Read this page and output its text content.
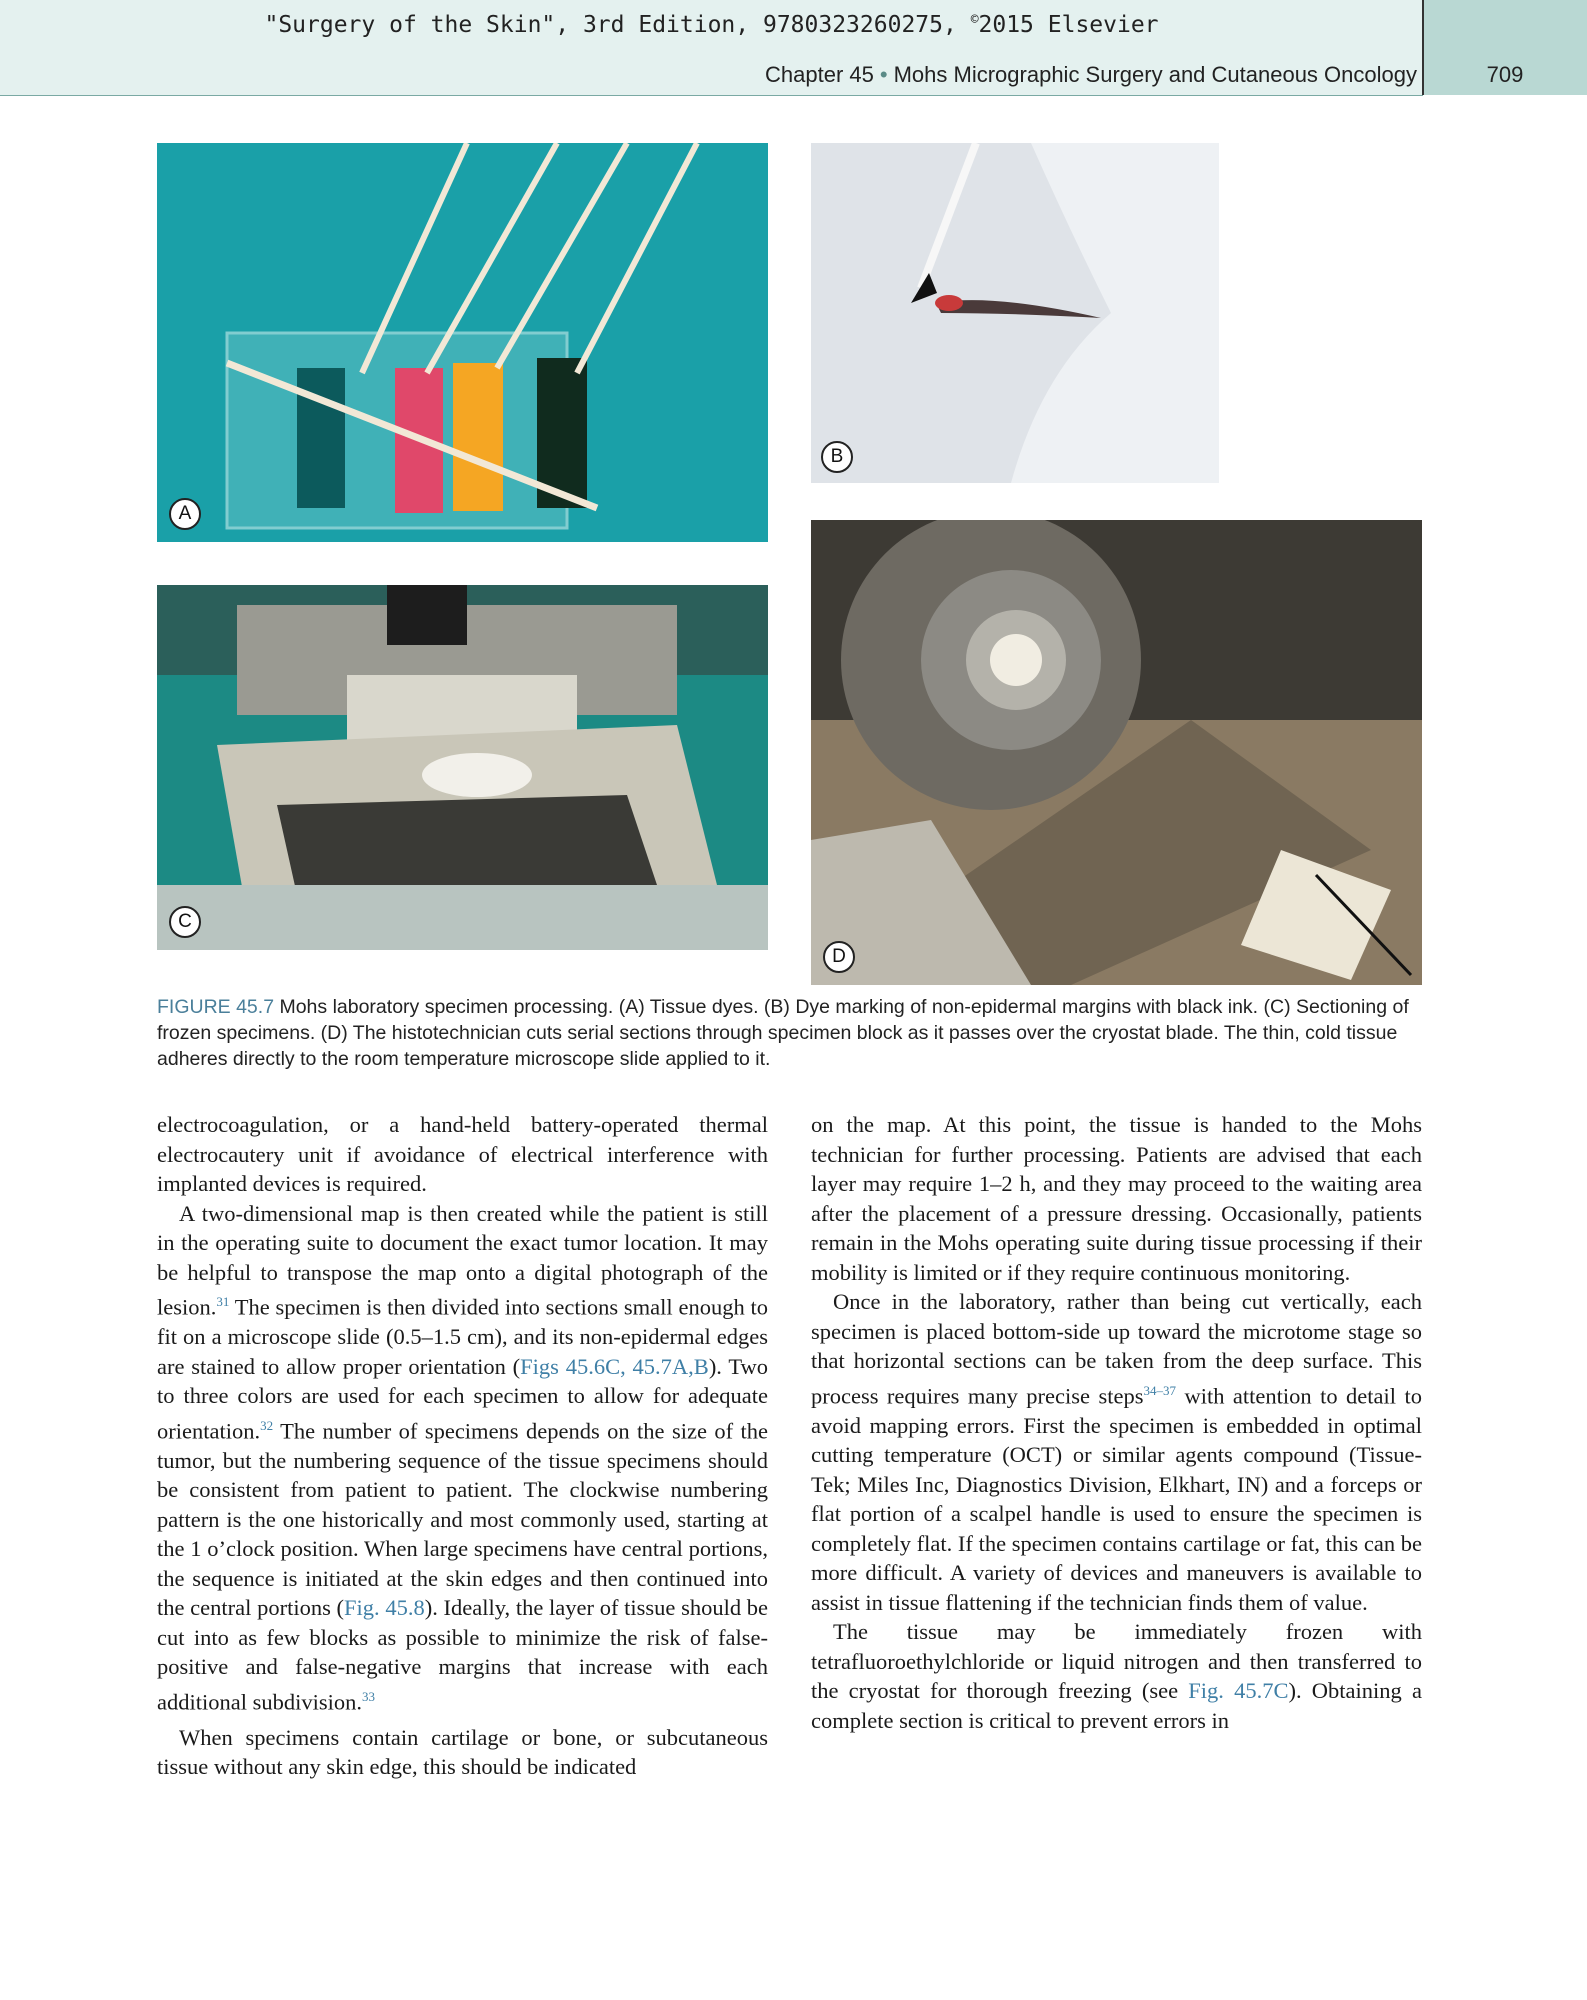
"Surgery of the Skin", 3rd Edition, 9780323260275, ©2015 Elsevier
Chapter 45 • Mohs Micrographic Surgery and Cutaneous Oncology	709
A
B
C
D
FIGURE 45.7 Mohs laboratory specimen processing. (A) Tissue dyes. (B) Dye marking of non-epidermal margins with black ink. (C) Sectioning of frozen specimens. (D) The histotechnician cuts serial sections through specimen block as it passes over the cryostat blade. The thin, cold tissue adheres directly to the room temperature microscope slide applied to it.

electrocoagulation, or a hand-held battery-operated thermal electrocautery unit if avoidance of electrical interference with implanted devices is required.

A two-dimensional map is then created while the patient is still in the operating suite to document the exact tumor location. It may be helpful to transpose the map onto a digital photograph of the lesion.$^{31}$ The specimen is then divided into sections small enough to fit on a microscope slide (0.5–1.5 cm), and its non-epidermal edges are stained to allow proper orientation (Figs 45.6C, 45.7A,B). Two to three colors are used for each specimen to allow for adequate orientation.$^{32}$ The number of specimens depends on the size of the tumor, but the numbering sequence of the tissue specimens should be consistent from patient to patient. The clockwise numbering pattern is the one historically and most commonly used, starting at the 1 o’clock position. When large specimens have central portions, the sequence is initiated at the skin edges and then continued into the central portions (Fig. 45.8). Ideally, the layer of tissue should be cut into as few blocks as possible to minimize the risk of false-positive and false-negative margins that increase with each additional subdivision.$^{33}$

When specimens contain cartilage or bone, or subcutaneous tissue without any skin edge, this should be indicated

on the map. At this point, the tissue is handed to the Mohs technician for further processing. Patients are advised that each layer may require 1–2 h, and they may proceed to the waiting area after the placement of a pressure dressing. Occasionally, patients remain in the Mohs operating suite during tissue processing if their mobility is limited or if they require continuous monitoring.

Once in the laboratory, rather than being cut vertically, each specimen is placed bottom-side up toward the microtome stage so that horizontal sections can be taken from the deep surface. This process requires many precise steps$^{34-37}$ with attention to detail to avoid mapping errors. First the specimen is embedded in optimal cutting temperature (OCT) or similar agents compound (Tissue-Tek; Miles Inc, Diagnostics Division, Elkhart, IN) and a forceps or flat portion of a scalpel handle is used to ensure the specimen is completely flat. If the specimen contains cartilage or fat, this can be more difficult. A variety of devices and maneuvers is available to assist in tissue flattening if the technician finds them of value.

The tissue may be immediately frozen with tetrafluoroethylchloride or liquid nitrogen and then transferred to the cryostat for thorough freezing (see Fig. 45.7C). Obtaining a complete section is critical to prevent errors in
